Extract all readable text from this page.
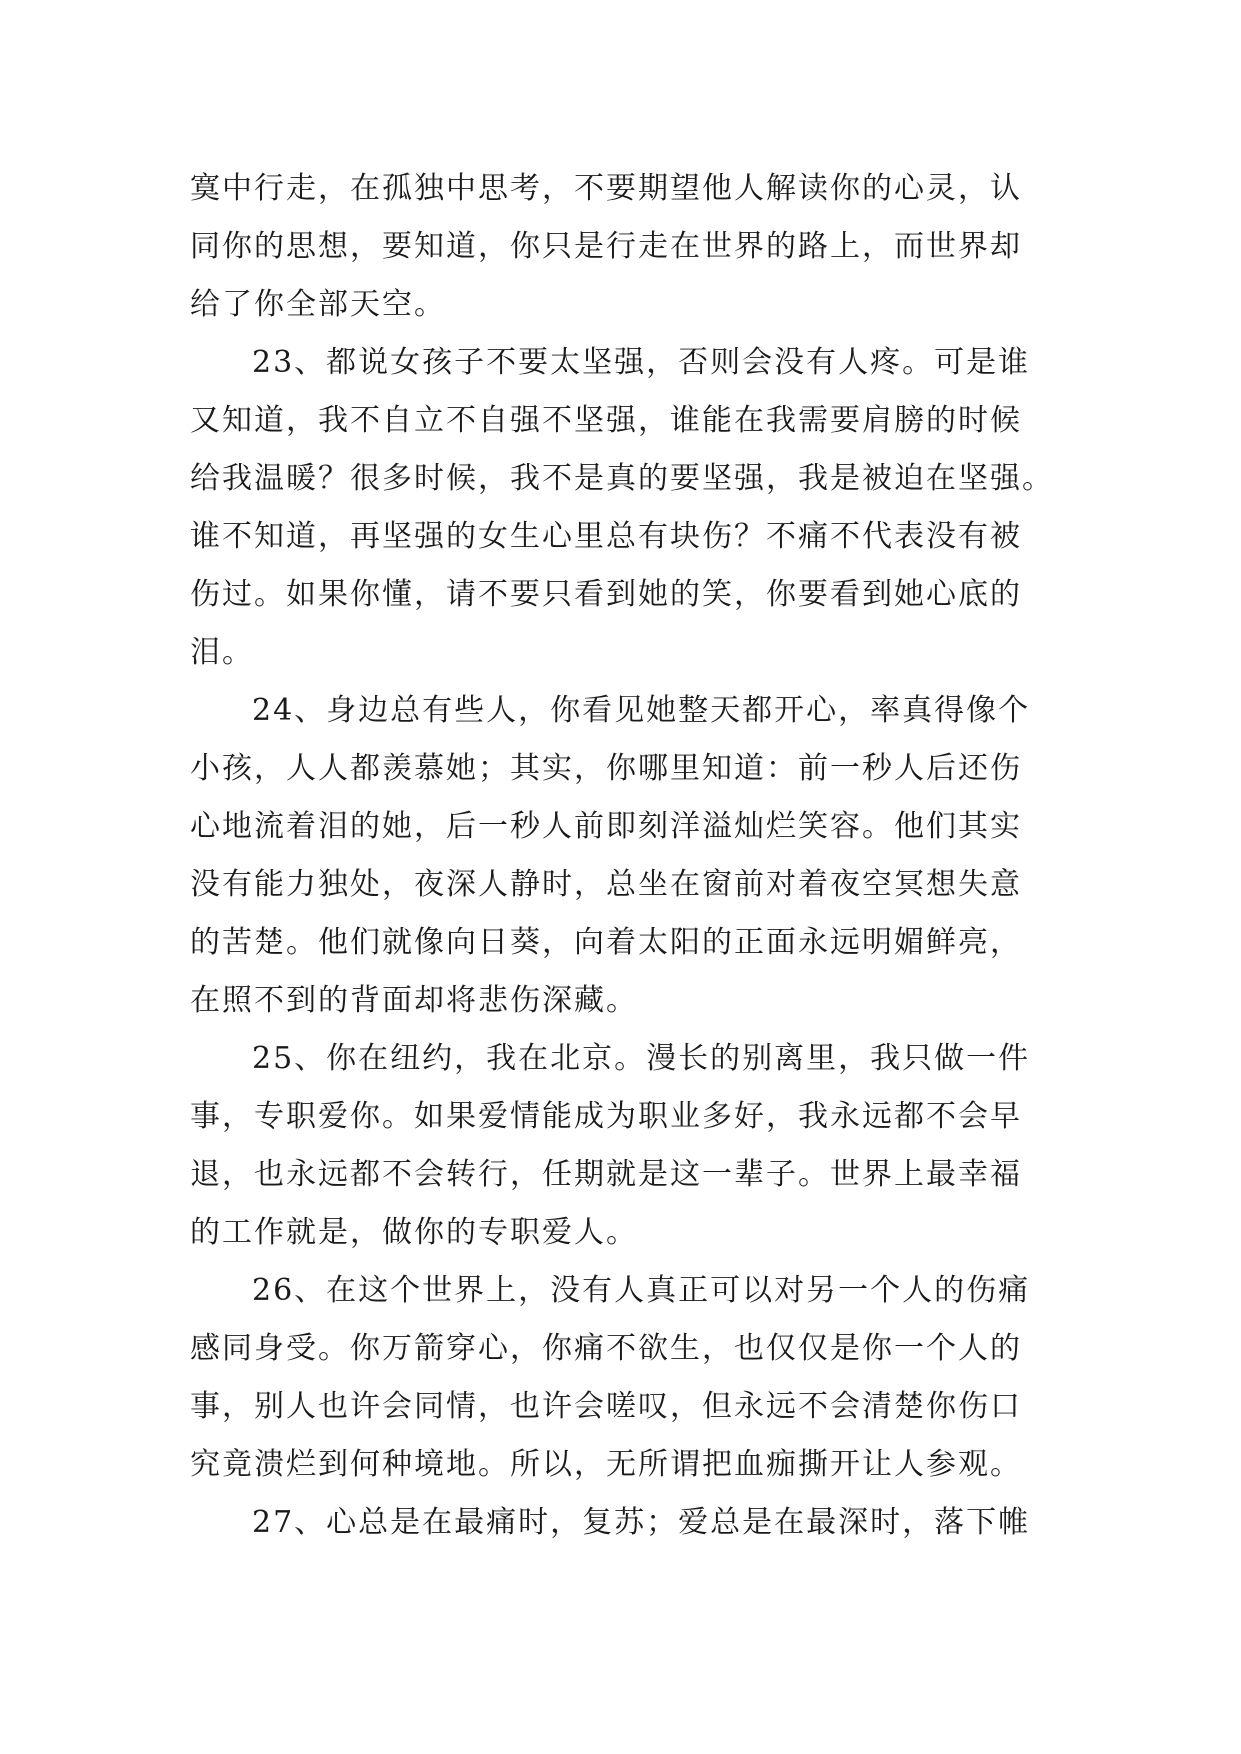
寞中行走，在孤独中思考，不要期望他人解读你的心灵，认
同你的思想，要知道，你只是行走在世界的路上，而世界却
给了你全部天空。
23、都说女孩子不要太坚强，否则会没有人疼。可是谁
又知道，我不自立不自强不坚强，谁能在我需要肩膀的时候
给我温暖？很多时候，我不是真的要坚强，我是被迫在坚强。
谁不知道，再坚强的女生心里总有块伤？不痛不代表没有被
伤过。如果你懂，请不要只看到她的笑，你要看到她心底的
泪。
24、身边总有些人，你看见她整天都开心，率真得像个
小孩，人人都羡慕她；其实，你哪里知道：前一秒人后还伤
心地流着泪的她，后一秒人前即刻洋溢灿烂笑容。他们其实
没有能力独处，夜深人静时，总坐在窗前对着夜空冥想失意
的苦楚。他们就像向日葵，向着太阳的正面永远明媚鲜亮，
在照不到的背面却将悲伤深藏。
25、你在纽约，我在北京。漫长的别离里，我只做一件
事，专职爱你。如果爱情能成为职业多好，我永远都不会早
退，也永远都不会转行，任期就是这一辈子。世界上最幸福
的工作就是，做你的专职爱人。
26、在这个世界上，没有人真正可以对另一个人的伤痛
感同身受。你万箭穿心，你痛不欲生，也仅仅是你一个人的
事，别人也许会同情，也许会嗟叹，但永远不会清楚你伤口
究竟溃烂到何种境地。所以，无所谓把血痂撕开让人参观。
27、心总是在最痛时，复苏；爱总是在最深时，落下帷
